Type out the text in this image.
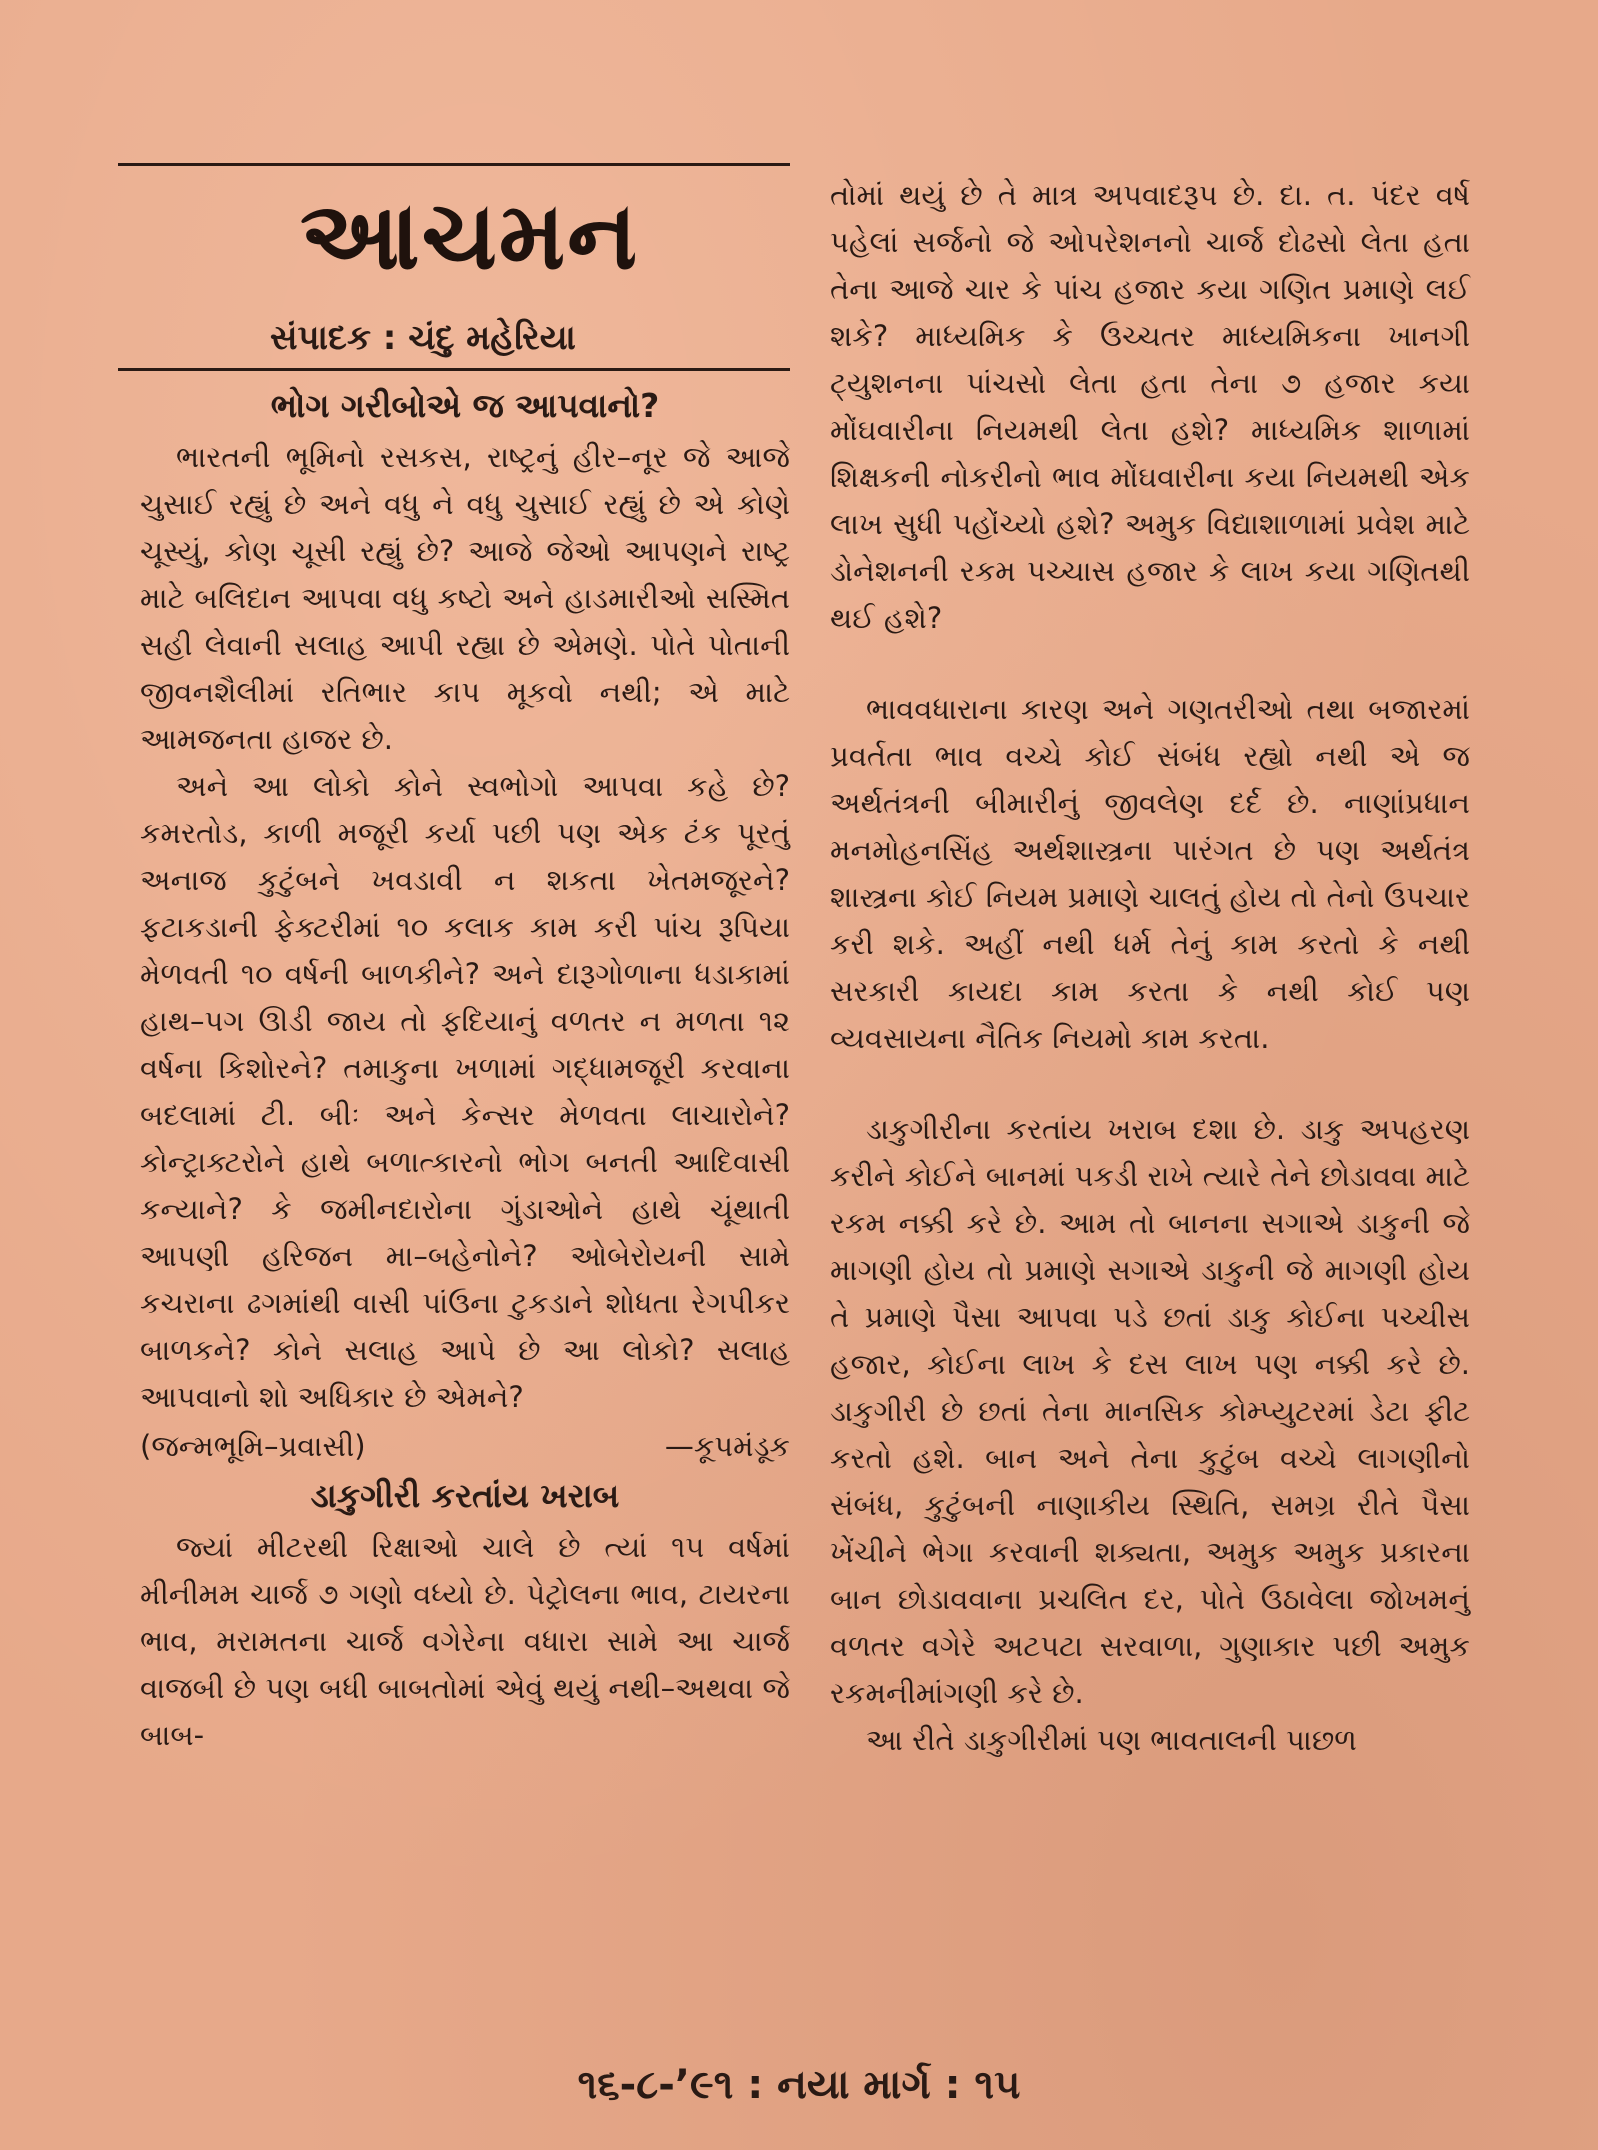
આચમન
સંપાદક : ચંદુ મહેરિયા
ભોગ ગરીબોએ જ આપવાનો?

ભારતની ભૂમિનો રસકસ, રાષ્ટ્રનું હીર–નૂર જે આજે ચુસાઈ રહ્યું છે અને વધુ ને વધુ ચુસાઈ રહ્યું છે એ કોણે ચૂસ્યું, કોણ ચૂસી રહ્યું છે? આજે જેઓ આપણને રાષ્ટ્ર માટે બલિદાન આપવા વધુ કષ્ટો અને હાડમારીઓ સસ્મિત સહી લેવાની સલાહ આપી રહ્યા છે એમણે. પોતે પોતાની જીવનશૈલીમાં રતિભાર કાપ મૂકવો નથી; એ માટે આમજનતા હાજર છે.

અને આ લોકો કોને સ્વભોગો આપવા કહે છે? કમરતોડ, કાળી મજૂરી કર્યા પછી પણ એક ટંક પૂરતું અનાજ કુટુંબને ખવડાવી ન શકતા ખેતમજૂરને? ફટાકડાની ફેક્ટરીમાં ૧૦ કલાક કામ કરી પાંચ રૂપિયા મેળવતી ૧૦ વર્ષની બાળકીને? અને દારૂગોળાના ધડાકામાં હાથ–પગ ઊડી જાય તો ફદિયાનું વળતર ન મળતા ૧૨ વર્ષના કિશોરને? તમાકુના ખળામાં ગદ્ધામજૂરી કરવાના બદલામાં ટી. બીઃ અને કેન્સર મેળવતા લાચારોને? કોન્ટ્રાક્ટરોને હાથે બળાત્કારનો ભોગ બનતી આદિવાસી કન્યાને? કે જમીનદારોના ગુંડાઓને હાથે ચૂંથાતી આપણી હરિજન મા–બહેનોને? ઓબેરોયની સામે કચરાના ઢગમાંથી વાસી પાંઉના ટુકડાને શોધતા રેગપીકર બાળકને? કોને સલાહ આપે છે આ લોકો? સલાહ આપવાનો શો અધિકાર છે એમને?

(જન્મભૂમિ–પ્રવાસી)	—કૂપમંડૂક
ડાકુગીરી કરતાંય ખરાબ

જ્યાં મીટરથી રિક્ષાઓ ચાલે છે ત્યાં ૧૫ વર્ષમાં મીનીમમ ચાર્જ ૭ ગણો વધ્યો છે. પેટ્રોલના ભાવ, ટાયરના ભાવ, મરામતના ચાર્જ વગેરેના વધારા સામે આ ચાર્જ વાજબી છે પણ બધી બાબતોમાં એવું થયું નથી–અથવા જે બાબ-

તોમાં થયું છે તે માત્ર અપવાદરૂપ છે. દા. ત. પંદર વર્ષ પહેલાં સર્જનો જે ઓપરેશનનો ચાર્જ દોઢસો લેતા હતા તેના આજે ચાર કે પાંચ હજાર કયા ગણિત પ્રમાણે લઈ શકે? માધ્યમિક કે ઉચ્ચતર માધ્યમિકના ખાનગી ટ્યુશનના પાંચસો લેતા હતા તેના ૭ હજાર કયા મોંઘવારીના નિયમથી લેતા હશે? માધ્યમિક શાળામાં શિક્ષકની નોકરીનો ભાવ મોંઘવારીના કયા નિયમથી એક લાખ સુધી પહોંચ્યો હશે? અમુક વિદ્યાશાળામાં પ્રવેશ માટે ડોનેશનની રકમ પચ્ચાસ હજાર કે લાખ કયા ગણિતથી થઈ હશે?

ભાવવધારાના કારણ અને ગણતરીઓ તથા બજારમાં પ્રવર્તતા ભાવ વચ્ચે કોઈ સંબંધ રહ્યો નથી એ જ અર્થતંત્રની બીમારીનું જીવલેણ દર્દ છે. નાણાંપ્રધાન મનમોહનસિંહ અર્થશાસ્ત્રના પારંગત છે પણ અર્થતંત્ર શાસ્ત્રના કોઈ નિયમ પ્રમાણે ચાલતું હોય તો તેનો ઉપચાર કરી શકે. અહીં નથી ધર્મ તેનું કામ કરતો કે નથી સરકારી કાયદા કામ કરતા કે નથી કોઈ પણ વ્યવસાયના નૈતિક નિયમો કામ કરતા.

ડાકુગીરીના કરતાંય ખરાબ દશા છે. ડાકુ અપહરણ કરીને કોઈને બાનમાં પકડી રાખે ત્યારે તેને છોડાવવા માટે રકમ નક્કી કરે છે. આમ તો બાનના સગાએ ડાકુની જે માગણી હોય તો પ્રમાણે સગાએ ડાકુની જે માગણી હોય તે પ્રમાણે પૈસા આપવા પડે છતાં ડાકુ કોઈના પચ્ચીસ હજાર, કોઈના લાખ કે દસ લાખ પણ નક્કી કરે છે. ડાકુગીરી છે છતાં તેના માનસિક કોમ્પ્યુટરમાં ડેટા ફીટ કરતો હશે. બાન અને તેના કુટુંબ વચ્ચે લાગણીનો સંબંધ, કુટુંબની નાણાકીય સ્થિતિ, સમગ્ર રીતે પૈસા ખેંચીને ભેગા કરવાની શક્યતા, અમુક અમુક પ્રકારના બાન છોડાવવાના પ્રચલિત દર, પોતે ઉઠાવેલા જોખમનું વળતર વગેરે અટપટા સરવાળા, ગુણાકાર પછી અમુક રકમનીમાંગણી કરે છે.

આ રીતે ડાકુગીરીમાં પણ ભાવતાલની પાછળ

૧૬-૮-’૯૧ : નયા માર્ગ : ૧૫
